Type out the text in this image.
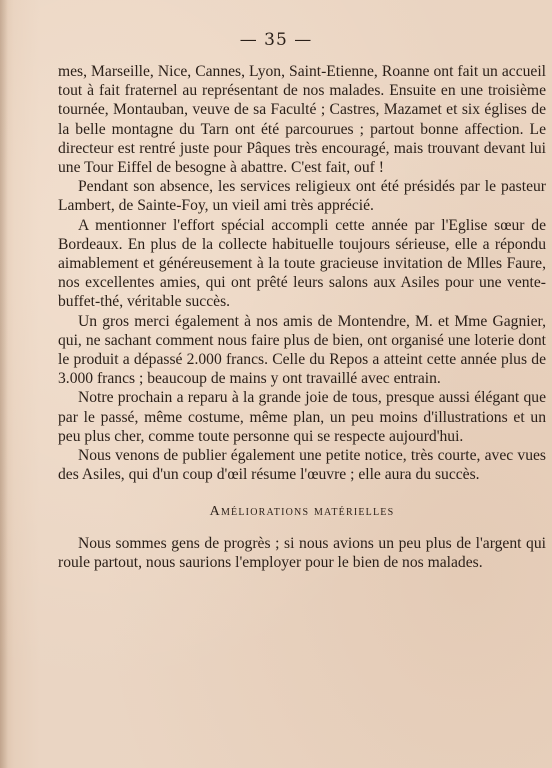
— 35 —

mes, Marseille, Nice, Cannes, Lyon, Saint-Etienne, Roanne ont fait un accueil tout à fait fraternel au représentant de nos malades. Ensuite en une troisième tournée, Montauban, veuve de sa Faculté ; Castres, Mazamet et six églises de la belle montagne du Tarn ont été parcourues ; partout bonne affection. Le directeur est rentré juste pour Pâques très encouragé, mais trouvant devant lui une Tour Eiffel de besogne à abattre. C'est fait, ouf !

Pendant son absence, les services religieux ont été présidés par le pasteur Lambert, de Sainte-Foy, un vieil ami très apprécié.

A mentionner l'effort spécial accompli cette année par l'Eglise sœur de Bordeaux. En plus de la collecte habituelle toujours sérieuse, elle a répondu aimablement et généreusement à la toute gracieuse invitation de Mlles Faure, nos excellentes amies, qui ont prêté leurs salons aux Asiles pour une vente-buffet-thé, véritable succès.

Un gros merci également à nos amis de Montendre, M. et Mme Gagnier, qui, ne sachant comment nous faire plus de bien, ont organisé une loterie dont le produit a dépassé 2.000 francs. Celle du Repos a atteint cette année plus de 3.000 francs ; beaucoup de mains y ont travaillé avec entrain.

Notre prochain a reparu à la grande joie de tous, presque aussi élégant que par le passé, même costume, même plan, un peu moins d'illustrations et un peu plus cher, comme toute personne qui se respecte aujourd'hui.

Nous venons de publier également une petite notice, très courte, avec vues des Asiles, qui d'un coup d'œil résume l'œuvre ; elle aura du succès.

Améliorations matérielles

Nous sommes gens de progrès ; si nous avions un peu plus de l'argent qui roule partout, nous saurions l'employer pour le bien de nos malades.
